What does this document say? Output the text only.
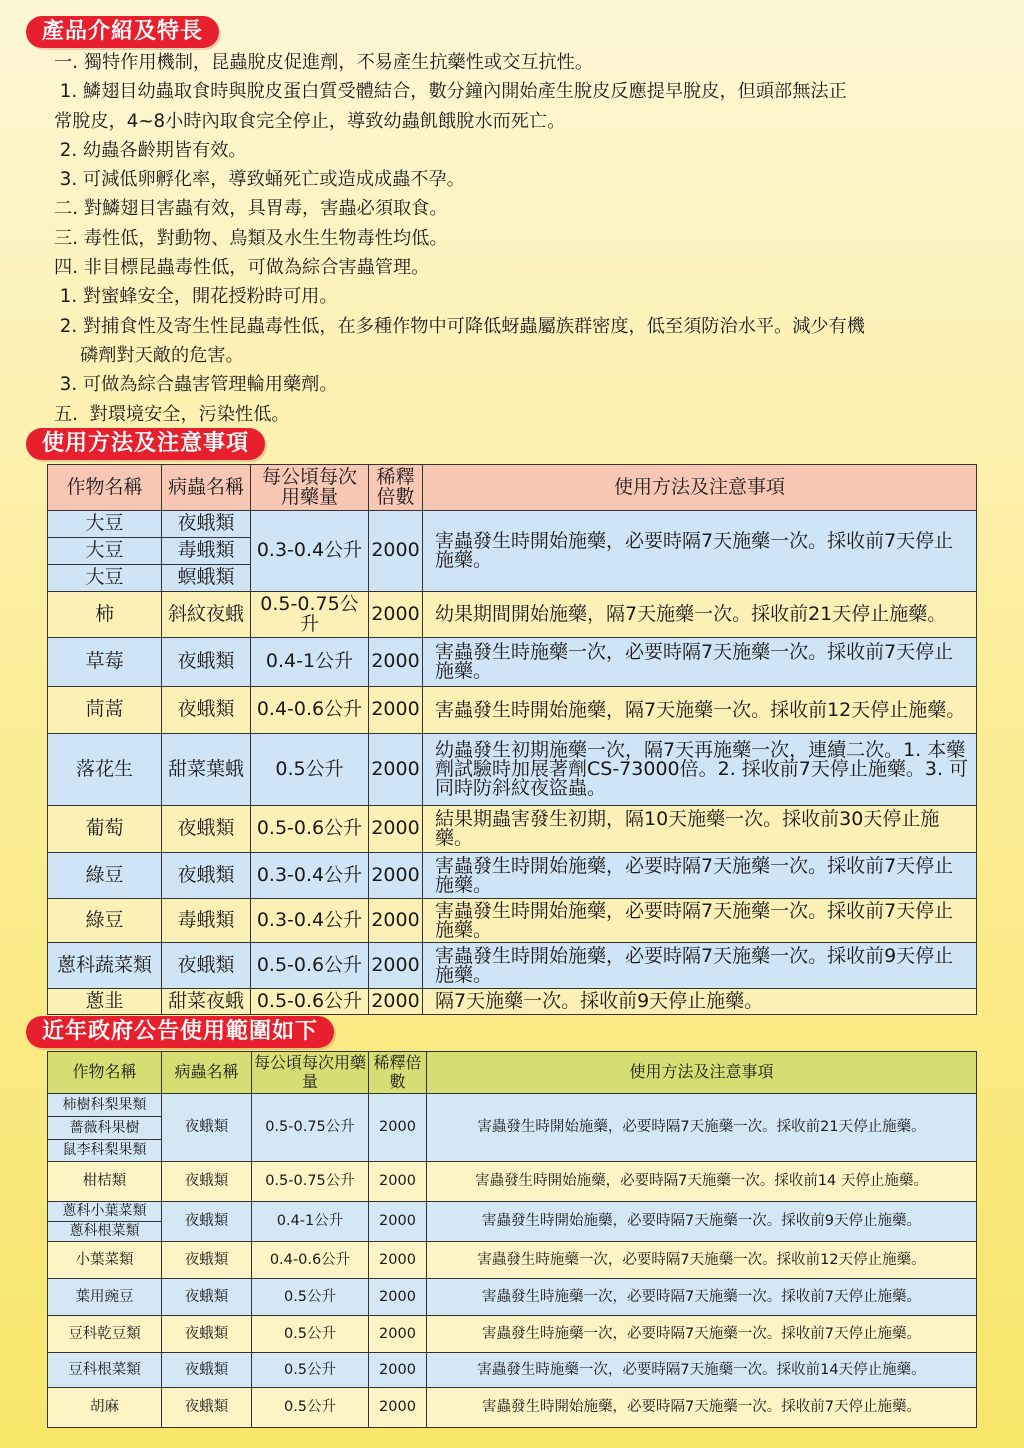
產品介紹及特長

一. 獨特作用機制，昆蟲脫皮促進劑，不易產生抗藥性或交互抗性。

1. 鱗翅目幼蟲取食時與脫皮蛋白質受體結合，數分鐘內開始產生脫皮反應提早脫皮，但頭部無法正

常脫皮，4~8小時內取食完全停止，導致幼蟲飢餓脫水而死亡。

2. 幼蟲各齡期皆有效。

3. 可減低卵孵化率，導致蛹死亡或造成成蟲不孕。

二. 對鱗翅目害蟲有效，具胃毒，害蟲必須取食。

三. 毒性低，對動物、鳥類及水生生物毒性均低。

四. 非目標昆蟲毒性低，可做為綜合害蟲管理。

1. 對蜜蜂安全，開花授粉時可用。

2. 對捕食性及寄生性昆蟲毒性低，在多種作物中可降低蚜蟲屬族群密度，低至須防治水平。減少有機

磷劑對天敵的危害。

3. 可做為綜合蟲害管理輪用藥劑。

五.  對環境安全，污染性低。

使用方法及注意事項
作物名稱	病蟲名稱	每公頃每次用藥量	稀釋倍數	使用方法及注意事項
大豆	夜蛾類	0.3-0.4公升	2000	害蟲發生時開始施藥，必要時隔7天施藥一次。採收前7天停止施藥。
大豆	毒蛾類			
大豆	螟蛾類			
柿	斜紋夜蛾	0.5-0.75公升	2000	幼果期間開始施藥，隔7天施藥一次。採收前21天停止施藥。
草莓	夜蛾類	0.4-1公升	2000	害蟲發生時施藥一次，必要時隔7天施藥一次。採收前7天停止施藥。
茼蒿	夜蛾類	0.4-0.6公升	2000	害蟲發生時開始施藥，隔7天施藥一次。採收前12天停止施藥。
落花生	甜菜葉蛾	0.5公升	2000	幼蟲發生初期施藥一次，隔7天再施藥一次，連續二次。1. 本藥劑試驗時加展著劑CS-73000倍。2. 採收前7天停止施藥。3. 可同時防斜紋夜盜蟲。
葡萄	夜蛾類	0.5-0.6公升	2000	結果期蟲害發生初期，隔10天施藥一次。採收前30天停止施藥。
綠豆	夜蛾類	0.3-0.4公升	2000	害蟲發生時開始施藥，必要時隔7天施藥一次。採收前7天停止施藥。
綠豆	毒蛾類	0.3-0.4公升	2000	害蟲發生時開始施藥，必要時隔7天施藥一次。採收前7天停止施藥。
蔥科蔬菜類	夜蛾類	0.5-0.6公升	2000	害蟲發生時開始施藥，必要時隔7天施藥一次。採收前9天停止施藥。
蔥韭	甜菜夜蛾	0.5-0.6公升	2000	隔7天施藥一次。採收前9天停止施藥。
近年政府公告使用範圍如下
作物名稱	病蟲名稱	每公頃每次用藥量	稀釋倍數	使用方法及注意事項
柿樹科梨果類	夜蛾類	0.5-0.75公升	2000	害蟲發生時開始施藥，必要時隔7天施藥一次。採收前21天停止施藥。
薔薇科果樹				
鼠李科梨果類				
柑桔類	夜蛾類	0.5-0.75公升	2000	害蟲發生時開始施藥，必要時隔7天施藥一次。採收前14 天停止施藥。
蔥科小葉菜類	夜蛾類	0.4-1公升	2000	害蟲發生時開始施藥，必要時隔7天施藥一次。採收前9天停止施藥。
蔥科根菜類				
小葉菜類	夜蛾類	0.4-0.6公升	2000	害蟲發生時施藥一次，必要時隔7天施藥一次。採收前12天停止施藥。
葉用豌豆	夜蛾類	0.5公升	2000	害蟲發生時施藥一次，必要時隔7天施藥一次。採收前7天停止施藥。
豆科乾豆類	夜蛾類	0.5公升	2000	害蟲發生時施藥一次，必要時隔7天施藥一次。採收前7天停止施藥。
豆科根菜類	夜蛾類	0.5公升	2000	害蟲發生時施藥一次，必要時隔7天施藥一次。採收前14天停止施藥。
胡麻	夜蛾類	0.5公升	2000	害蟲發生時開始施藥，必要時隔7天施藥一次。採收前7天停止施藥。
